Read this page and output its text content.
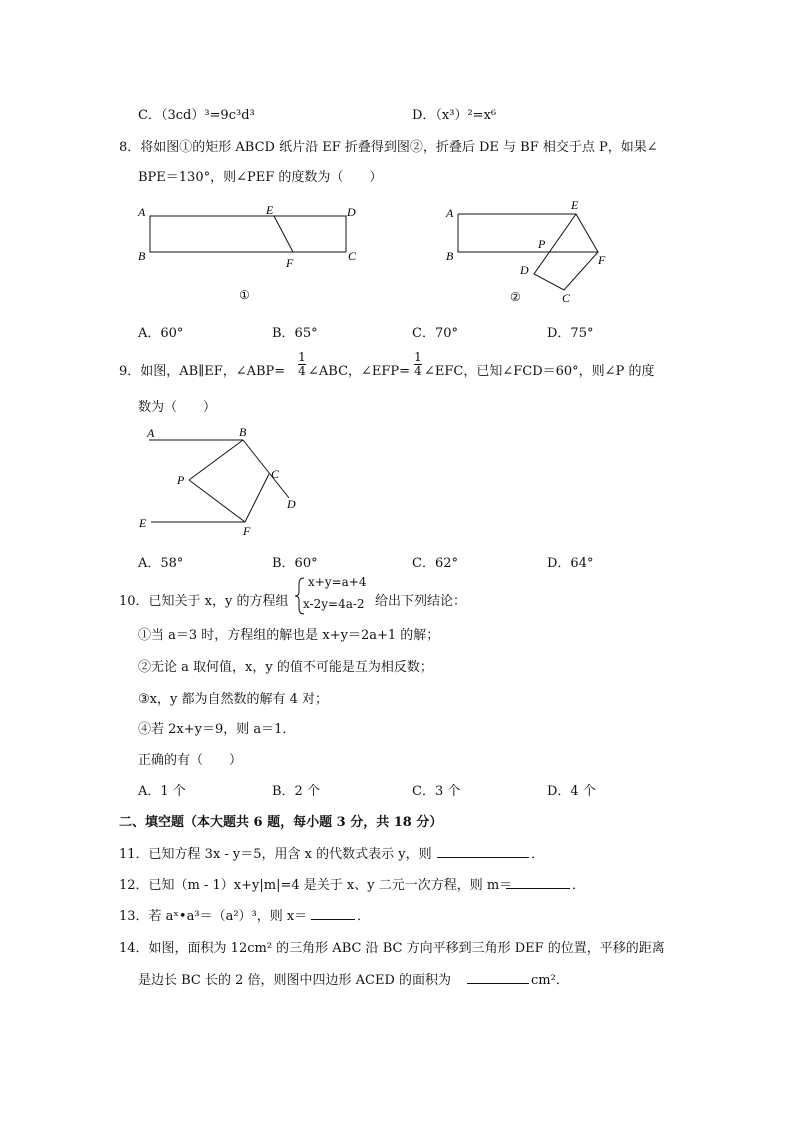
C．（3cd）³=9c³d³	D．（x³）²=x⁶
8．将如图①的矩形 ABCD 纸片沿 EF 折叠得到图②，折叠后 DE 与 BF 相交于点 P，如果∠
BPE＝130°，则∠PEF 的度数为（　　）
A
B	C
D
E
F
①
A
B
C
D
E
F
P
②
A．60°	B．65°	C．70°	D．75°
9．如图，AB∥EF，∠ABP=
1
4 ∠ABC，∠EFP=
1
4 ∠EFC，已知∠FCD＝60°，则∠P 的度
数为（　　）
A	B
C
D
E
F
P
A．58°	B．60°	C．62°	D．64°
10．已知关于 x，y 的方程组
x+y=a+4
x-2y=4a-2 给出下列结论：
①当 a＝3 时，方程组的解也是 x+y＝2a+1 的解；
②无论 a 取何值，x，y 的值不可能是互为相反数；
③x，y 都为自然数的解有 4 对；
④若 2x+y＝9，则 a＝1．
正确的有（　　）
A．1 个	B．2 个	C．3 个	D．4 个
二、填空题（本大题共 6 题，每小题 3 分，共 18 分）
11．已知方程 3x - y＝5，用含 x 的代数式表示 y，则	．
12．已知（m - 1）x+y|m|=4 是关于 x、y 二元一次方程，则 m＝	．
13．若 aˣ•a³＝（a²）³，则 x＝	．
14．如图，面积为 12cm² 的三角形 ABC 沿 BC 方向平移到三角形 DEF 的位置，平移的距离
是边长 BC 长的 2 倍，则图中四边形 ACED 的面积为	cm²．
